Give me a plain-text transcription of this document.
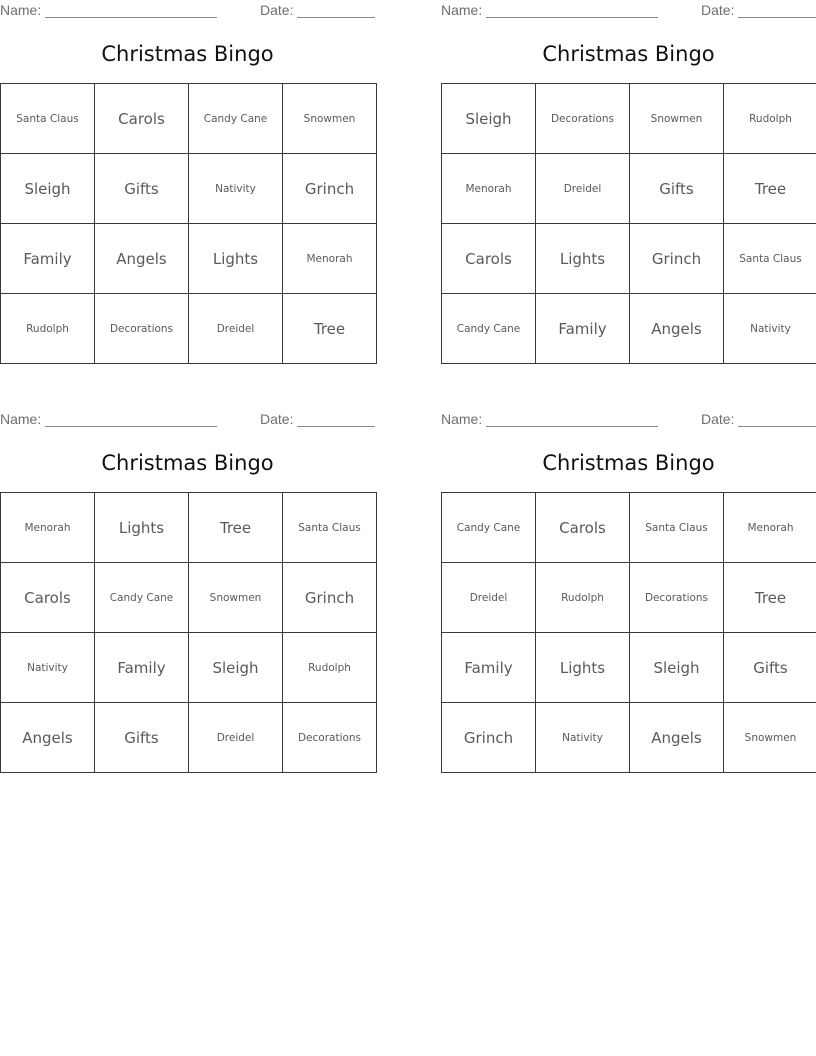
Name:	Date:
Christmas Bingo
Santa Claus	Carols	Candy Cane	Snowmen
Sleigh	Gifts	Nativity	Grinch
Family	Angels	Lights	Menorah
Rudolph	Decorations	Dreidel	Tree
Name:	Date:
Christmas Bingo
Sleigh	Decorations	Snowmen	Rudolph
Menorah	Dreidel	Gifts	Tree
Carols	Lights	Grinch	Santa Claus
Candy Cane	Family	Angels	Nativity
Name:	Date:
Christmas Bingo
Menorah	Lights	Tree	Santa Claus
Carols	Candy Cane	Snowmen	Grinch
Nativity	Family	Sleigh	Rudolph
Angels	Gifts	Dreidel	Decorations
Name:	Date:
Christmas Bingo
Candy Cane	Carols	Santa Claus	Menorah
Dreidel	Rudolph	Decorations	Tree
Family	Lights	Sleigh	Gifts
Grinch	Nativity	Angels	Snowmen
